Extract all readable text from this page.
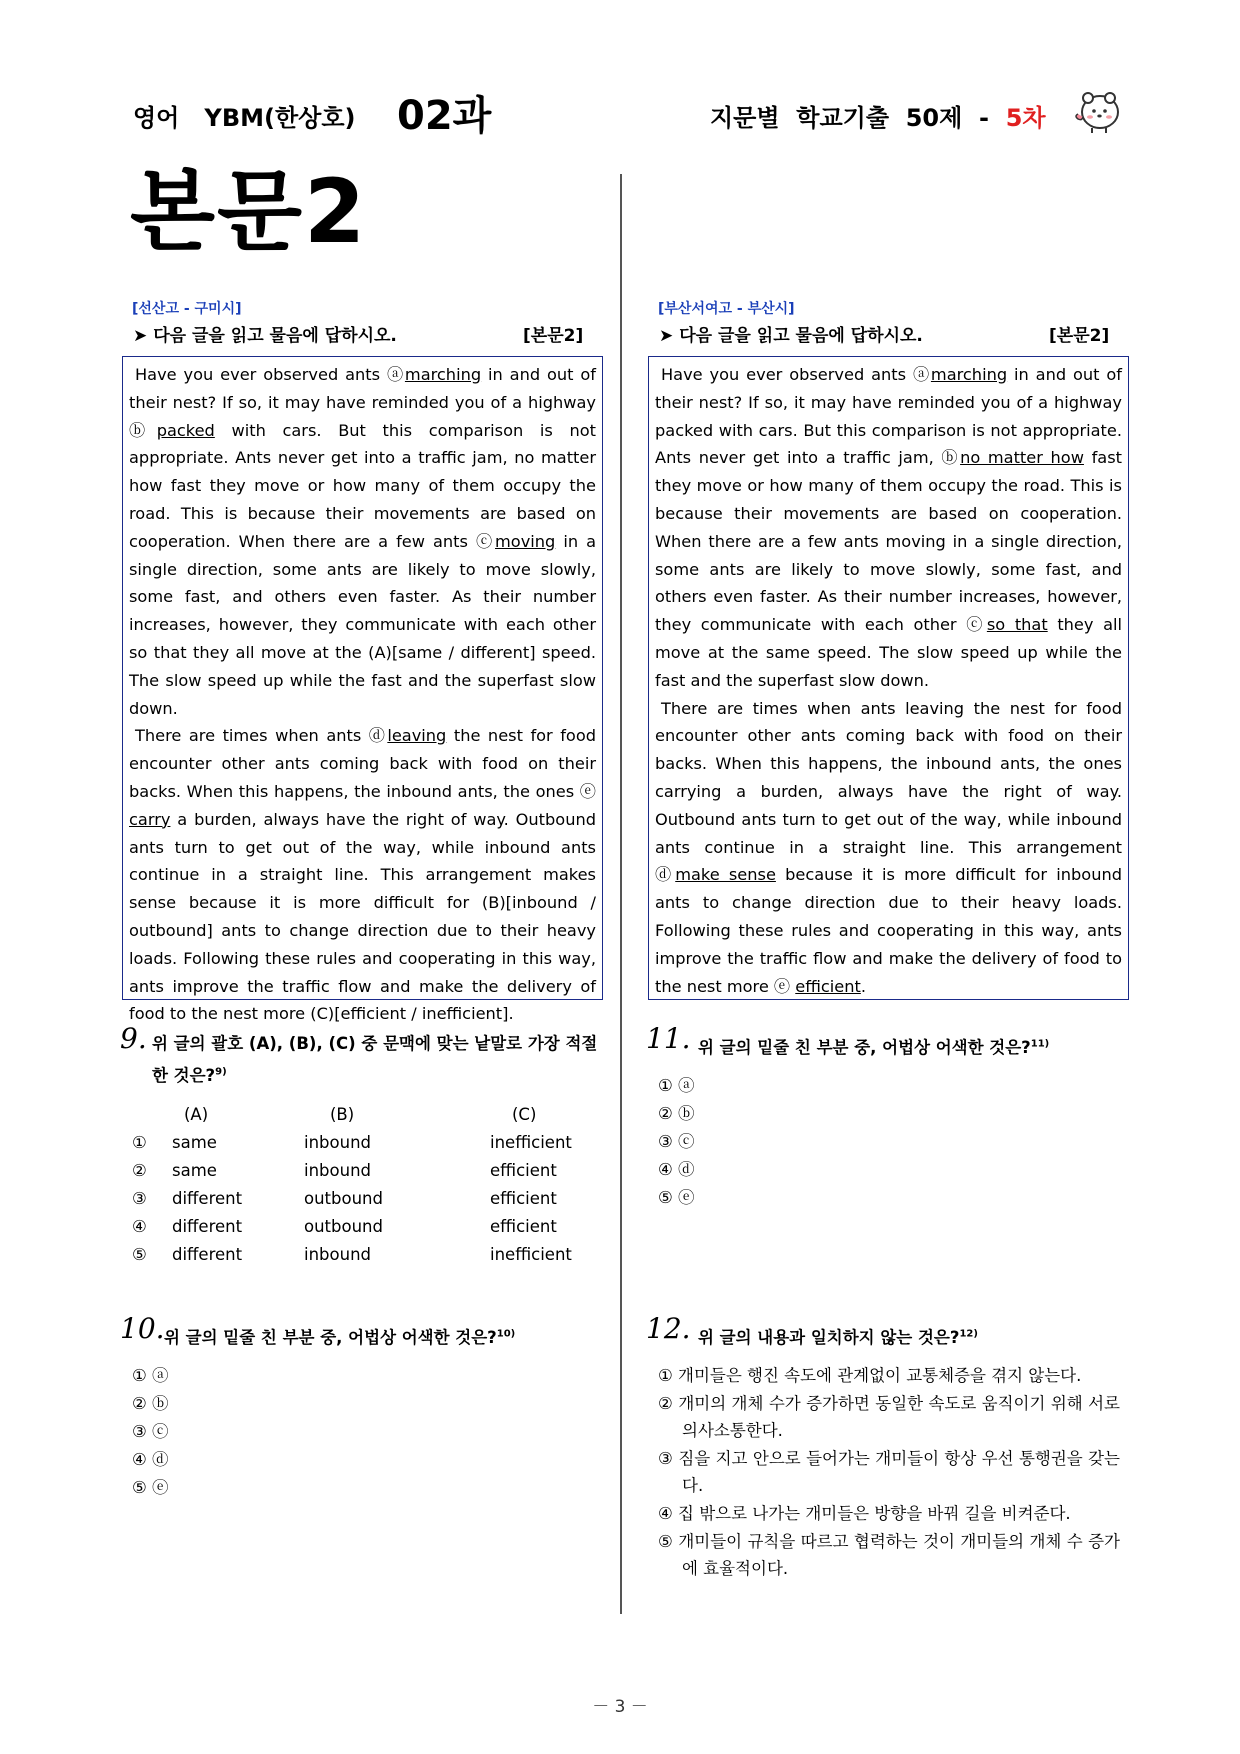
영어   YBM(한상호) 02과	지문별  학교기출  50제  -  5차
본문2
[선산고 - 구미시]
➤ 다음 글을 읽고 물음에 답하시오.	[본문2]

Have you ever observed ants ⓐmarching in and out of their nest? If so, it may have reminded you of a highway ⓑpacked with cars. But this comparison is not appropriate. Ants never get into a traffic jam, no matter how fast they move or how many of them occupy the road. This is because their movements are based on cooperation. When there are a few ants ⓒmoving in a single direction, some ants are likely to move slowly, some fast, and others even faster. As their number increases, however, they communicate with each other so that they all move at the (A)[same / different] speed. The slow speed up while the fast and the superfast slow down.

There are times when ants ⓓleaving the nest for food encounter other ants coming back with food on their backs. When this happens, the inbound ants, the ones ⓔ carry a burden, always have the right of way. Outbound ants turn to get out of the way, while inbound ants continue in a straight line. This arrangement makes sense because it is more difficult for (B)[inbound / outbound] ants to change direction due to their heavy loads. Following these rules and cooperating in this way, ants improve the traffic flow and make the delivery of food to the nest more (C)[efficient / inefficient].

9. 위 글의 괄호 (A), (B), (C) 중 문맥에 맞는 낱말로 가장 적절한 것은?$^{9)}$
	(A)	(B)	(C)
①	same	inbound	inefficient
②	same	inbound	efficient
③	different	outbound	efficient
④	different	outbound	efficient
⑤	different	inbound	inefficient
10. 위 글의 밑줄 친 부분 중, 어법상 어색한 것은?$^{10)}$
① ⓐ
② ⓑ
③ ⓒ
④ ⓓ
⑤ ⓔ
[부산서여고 - 부산시]
➤ 다음 글을 읽고 물음에 답하시오.	[본문2]

Have you ever observed ants ⓐmarching in and out of their nest? If so, it may have reminded you of a highway packed with cars. But this comparison is not appropriate. Ants never get into a traffic jam, ⓑno matter how fast they move or how many of them occupy the road. This is because their movements are based on cooperation. When there are a few ants moving in a single direction, some ants are likely to move slowly, some fast, and others even faster. As their number increases, however, they communicate with each other ⓒso that they all move at the same speed. The slow speed up while the fast and the superfast slow down.

There are times when ants leaving the nest for food encounter other ants coming back with food on their backs. When this happens, the inbound ants, the ones carrying a burden, always have the right of way. Outbound ants turn to get out of the way, while inbound ants continue in a straight line. This arrangement ⓓmake sense because it is more difficult for inbound ants to change direction due to their heavy loads. Following these rules and cooperating in this way, ants improve the traffic flow and make the delivery of food to the nest more ⓔ efficient.

11. 위 글의 밑줄 친 부분 중, 어법상 어색한 것은?$^{11)}$
① ⓐ
② ⓑ
③ ⓒ
④ ⓓ
⑤ ⓔ
12. 위 글의 내용과 일치하지 않는 것은?$^{12)}$
① 개미들은 행진 속도에 관계없이 교통체증을 겪지 않는다.
② 개미의 개체 수가 증가하면 동일한 속도로 움직이기 위해 서로 의사소통한다.
③ 짐을 지고 안으로 들어가는 개미들이 항상 우선 통행권을 갖는다.
④ 집 밖으로 나가는 개미들은 방향을 바꿔 길을 비켜준다.
⑤ 개미들이 규칙을 따르고 협력하는 것이 개미들의 개체 수 증가에 효율적이다.
－ 3 －
